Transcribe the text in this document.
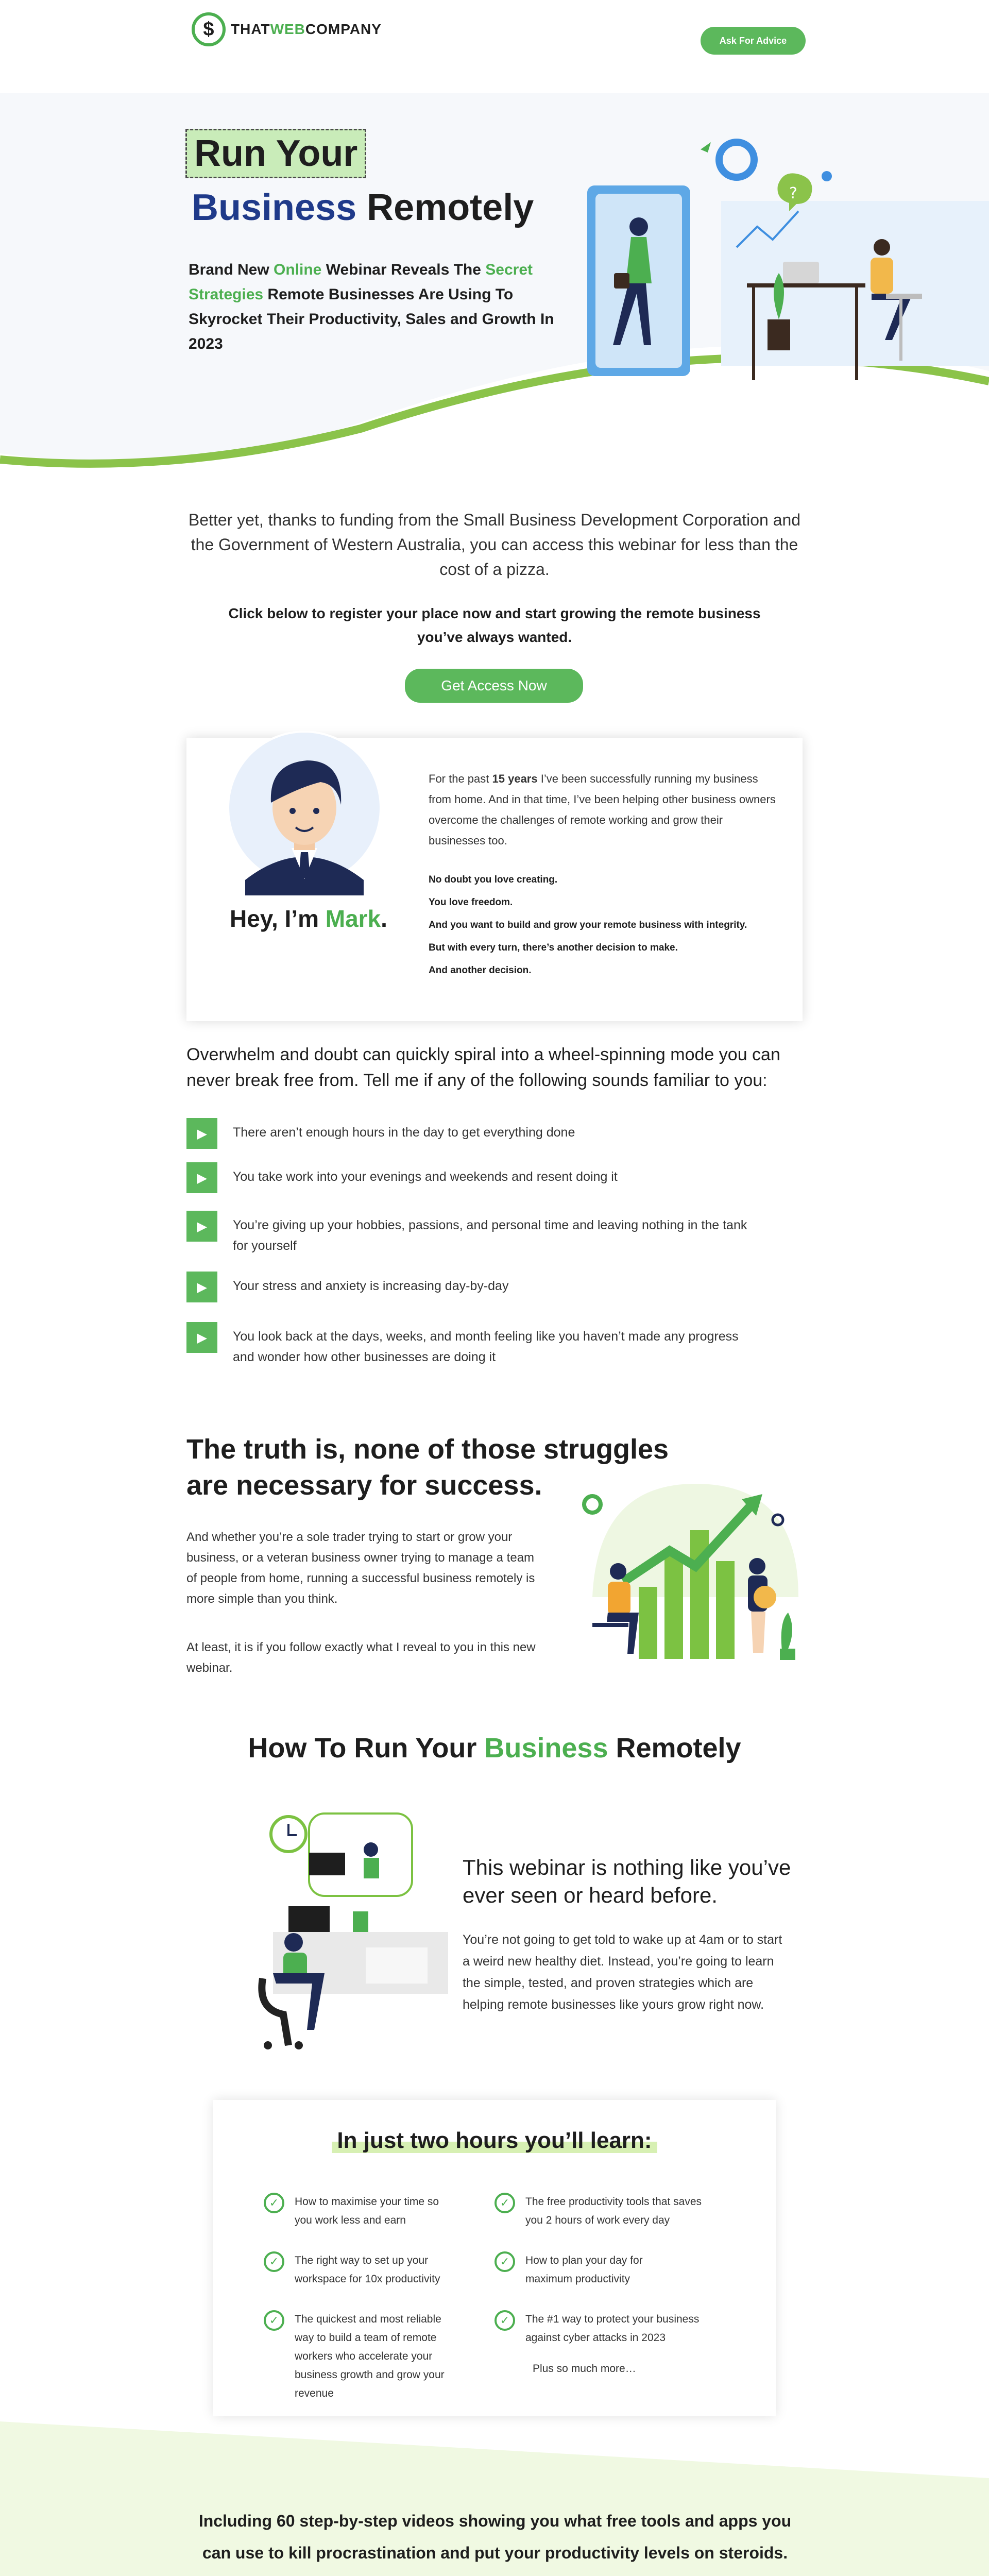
$	THATWEBCOMPANY
Ask For Advice
Run Your
Business Remotely
Brand New Online Webinar Reveals The Secret Strategies Remote Businesses Are Using To Skyrocket Their Productivity, Sales and Growth In 2023
?
Better yet, thanks to funding from the Small Business Development Corporation and the Government of Western Australia, you can access this webinar for less than the cost of a pizza.
Click below to register your place now and start growing the remote business you’ve always wanted.
Get Access Now
Hey, I’m Mark.
For the past 15 years I’ve been successfully running my business from home. And in that time, I’ve been helping other business owners overcome the challenges of remote working and grow their businesses too.
No doubt you love creating.
You love freedom.
And you want to build and grow your remote business with integrity.
But with every turn, there’s another decision to make.
And another decision.
Overwhelm and doubt can quickly spiral into a wheel-spinning mode you can never break free from. Tell me if any of the following sounds familiar to you:
▶	There aren’t enough hours in the day to get everything done
▶	You take work into your evenings and weekends and resent doing it
▶	You’re giving up your hobbies, passions, and personal time and leaving nothing in the tank for yourself
▶	Your stress and anxiety is increasing day-by-day
▶	You look back at the days, weeks, and month feeling like you haven’t made any progress and wonder how other businesses are doing it
The truth is, none of those struggles are necessary for success.
And whether you’re a sole trader trying to start or grow your business, or a veteran business owner trying to manage a team of people from home, running a successful business remotely is more simple than you think.
At least, it is if you follow exactly what I reveal to you in this new webinar.
How To Run Your Business Remotely
This webinar is nothing like you’ve ever seen or heard before.
You’re not going to get told to wake up at 4am or to start a weird new healthy diet. Instead, you’re going to learn the simple, tested, and proven strategies which are helping remote businesses like yours grow right now.
In just two hours you’ll learn:
✓	How to maximise your time so you work less and earn
✓	The right way to set up your workspace for 10x productivity
✓	The quickest and most reliable way to build a team of remote workers who accelerate your business growth and grow your revenue
✓	The free productivity tools that saves you 2 hours of work every day
✓	How to plan your day for maximum productivity
✓	The #1 way to protect your business against cyber attacks in 2023
Plus so much more…
Including 60 step-by-step videos showing you what free tools and apps you can use to kill procrastination and put your productivity levels on steroids.
